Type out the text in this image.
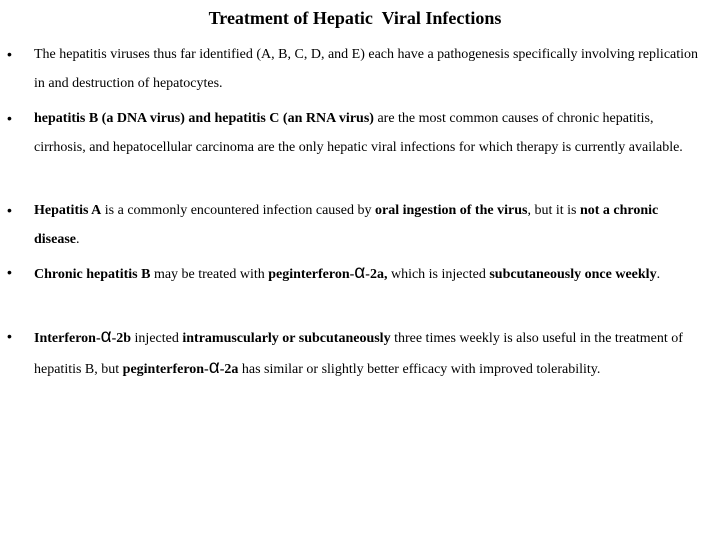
Treatment of Hepatic  Viral Infections
• The hepatitis viruses thus far identified (A, B, C, D, and E) each have a pathogenesis specifically involving replication in and destruction of hepatocytes.
• hepatitis B (a DNA virus) and hepatitis C (an RNA virus) are the most common causes of chronic hepatitis, cirrhosis, and hepatocellular carcinoma are the only hepatic viral infections for which therapy is currently available.
• Hepatitis A is a commonly encountered infection caused by oral ingestion of the virus, but it is not a chronic disease.
• Chronic hepatitis B may be treated with peginterferon-α-2a, which is injected subcutaneously once weekly.
• Interferon-α-2b injected intramuscularly or subcutaneously three times weekly is also useful in the treatment of hepatitis B, but peginterferon-α-2a has similar or slightly better efficacy with improved tolerability.
